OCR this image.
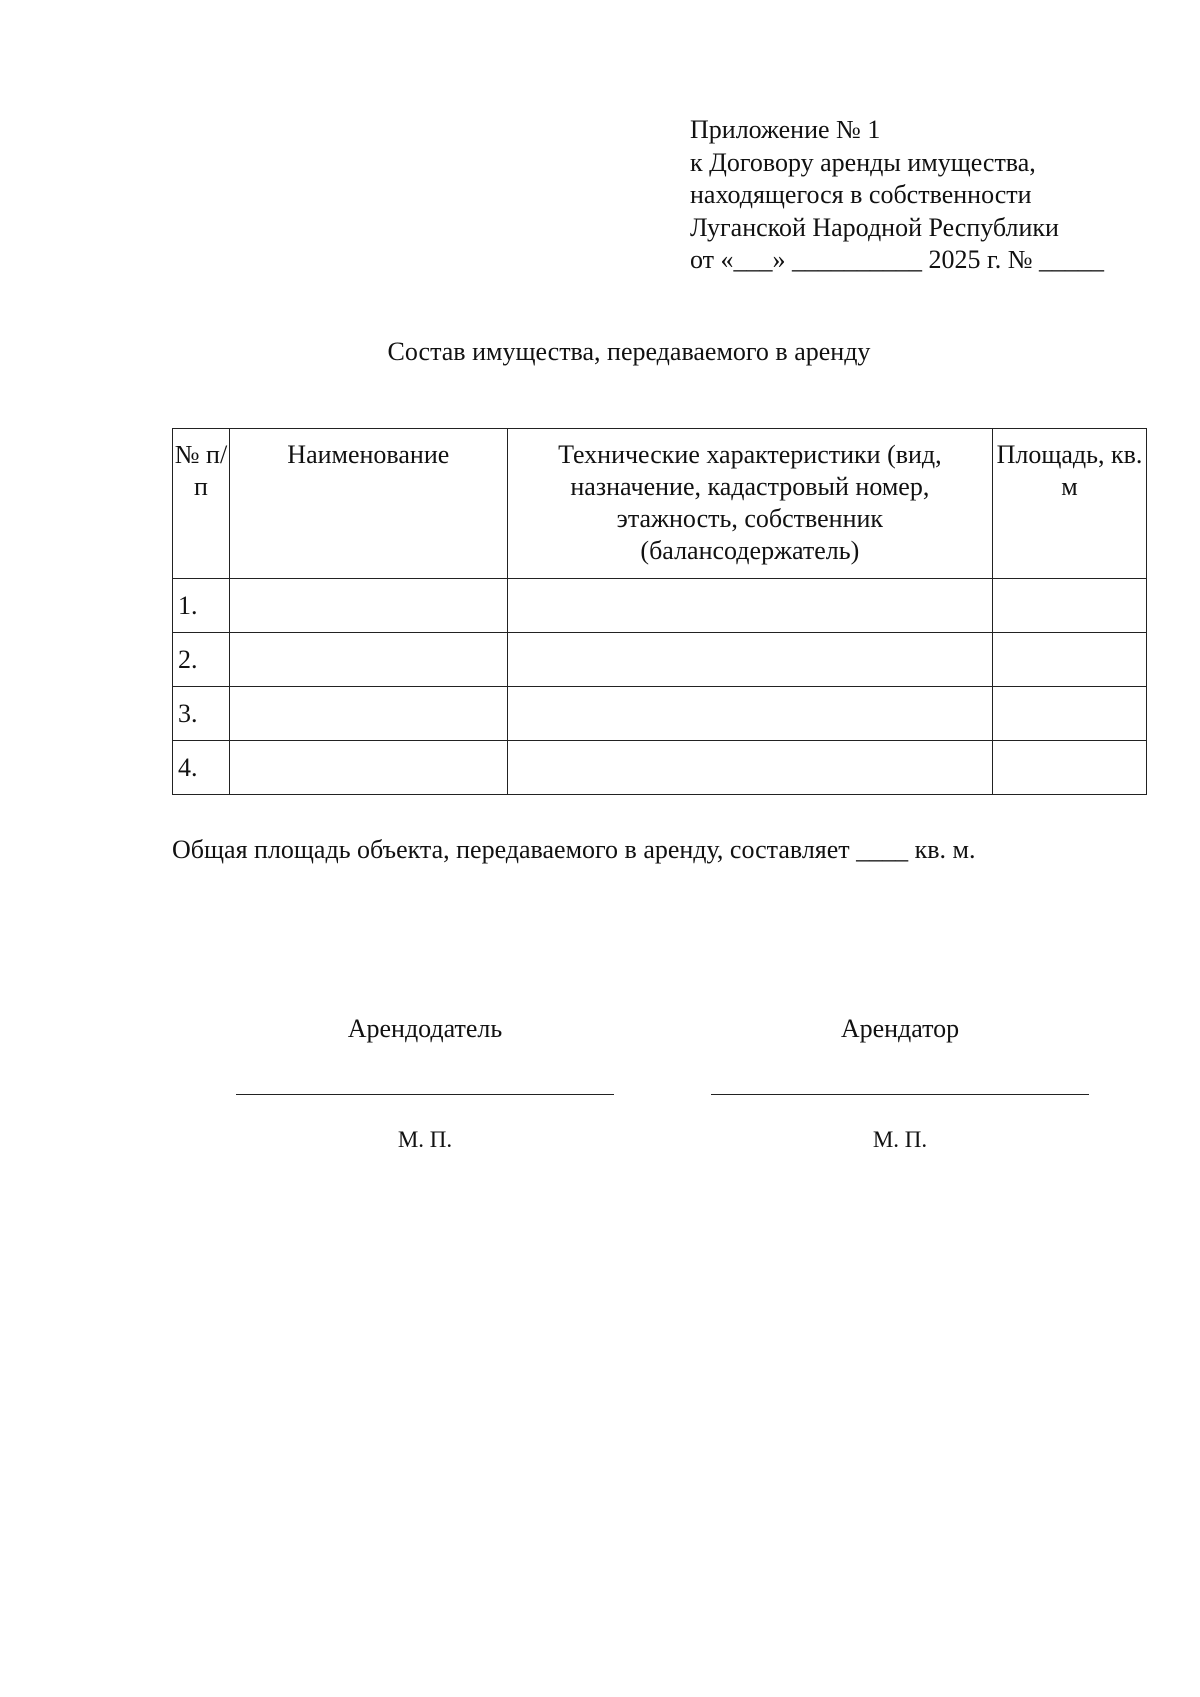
Приложение № 1
к Договору аренды имущества,
находящегося в собственности
Луганской Народной Республики
от «___» __________ 2025 г. № _____
Состав имущества, передаваемого в аренду
№ п/п	Наименование	Технические характеристики (вид, назначение, кадастровый номер, этажность, собственник (балансодержатель)	Площадь, кв. м
1.			
2.			
3.			
4.			
Общая площадь объекта, передаваемого в аренду, составляет ____ кв. м.
Арендодатель	Арендатор
М. П.	М. П.
